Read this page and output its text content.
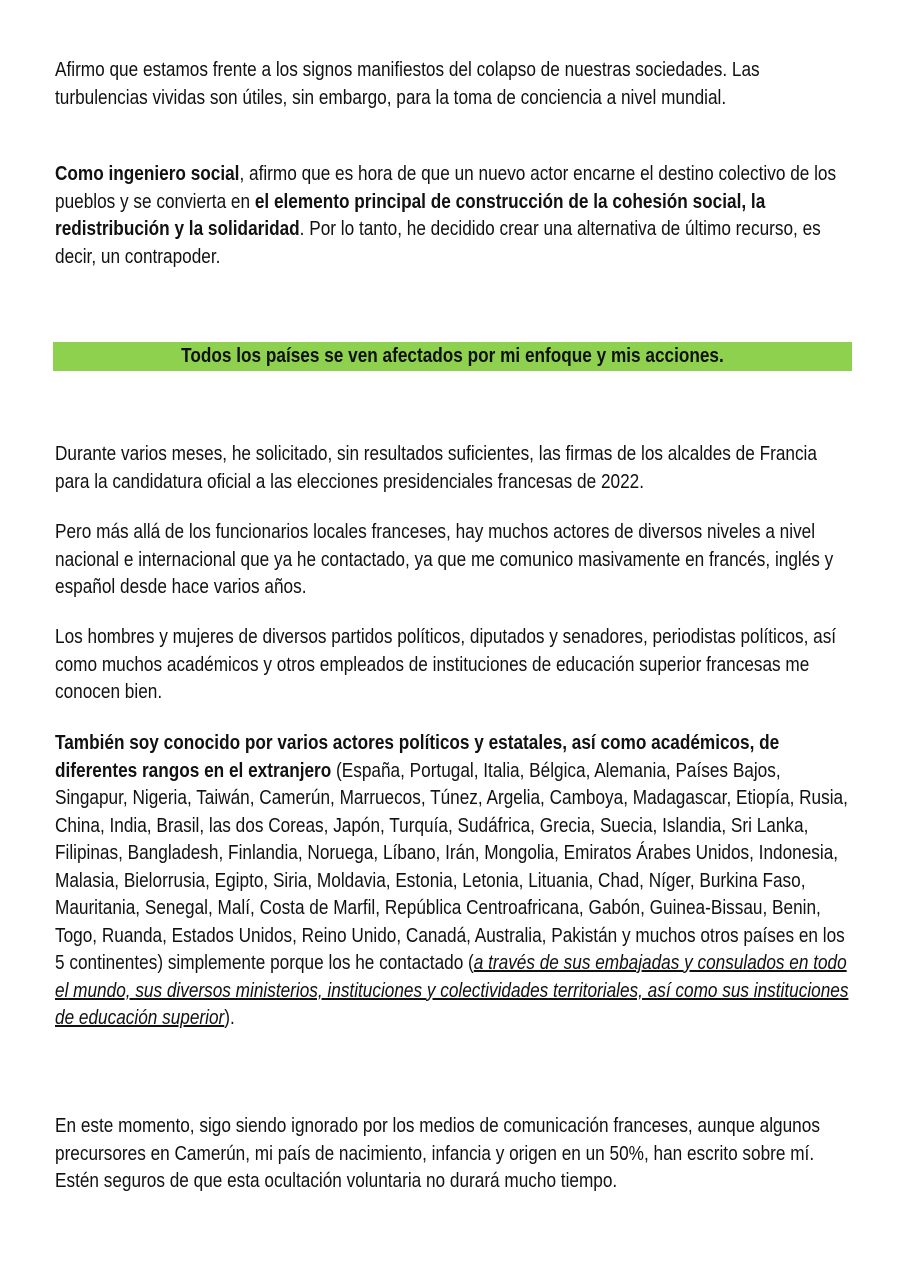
Afirmo que estamos frente a los signos manifiestos del colapso de nuestras sociedades. Las turbulencias vividas son útiles, sin embargo, para la toma de conciencia a nivel mundial.
Como ingeniero social, afirmo que es hora de que un nuevo actor encarne el destino colectivo de los pueblos y se convierta en el elemento principal de construcción de la cohesión social, la redistribución y la solidaridad. Por lo tanto, he decidido crear una alternativa de último recurso, es decir, un contrapoder.
Todos los países se ven afectados por mi enfoque y mis acciones.
Durante varios meses, he solicitado, sin resultados suficientes, las firmas de los alcaldes de Francia para la candidatura oficial a las elecciones presidenciales francesas de 2022.
Pero más allá de los funcionarios locales franceses, hay muchos actores de diversos niveles a nivel nacional e internacional que ya he contactado, ya que me comunico masivamente en francés, inglés y español desde hace varios años.
Los hombres y mujeres de diversos partidos políticos, diputados y senadores, periodistas políticos, así como muchos académicos y otros empleados de instituciones de educación superior francesas me conocen bien.
También soy conocido por varios actores políticos y estatales, así como académicos, de diferentes rangos en el extranjero (España, Portugal, Italia, Bélgica, Alemania, Países Bajos, Singapur, Nigeria, Taiwán, Camerún, Marruecos, Túnez, Argelia, Camboya, Madagascar, Etiopía, Rusia, China, India, Brasil, las dos Coreas, Japón, Turquía, Sudáfrica, Grecia, Suecia, Islandia, Sri Lanka, Filipinas, Bangladesh, Finlandia, Noruega, Líbano, Irán, Mongolia, Emiratos Árabes Unidos, Indonesia, Malasia, Bielorrusia, Egipto, Siria, Moldavia, Estonia, Letonia, Lituania, Chad, Níger, Burkina Faso, Mauritania, Senegal, Malí, Costa de Marfil, República Centroafricana, Gabón, Guinea-Bissau, Benin, Togo, Ruanda, Estados Unidos, Reino Unido, Canadá, Australia, Pakistán y muchos otros países en los 5 continentes) simplemente porque los he contactado (a través de sus embajadas y consulados en todo el mundo, sus diversos ministerios, instituciones y colectividades territoriales, así como sus instituciones de educación superior).
En este momento, sigo siendo ignorado por los medios de comunicación franceses, aunque algunos precursores en Camerún, mi país de nacimiento, infancia y origen en un 50%, han escrito sobre mí. Estén seguros de que esta ocultación voluntaria no durará mucho tiempo.
